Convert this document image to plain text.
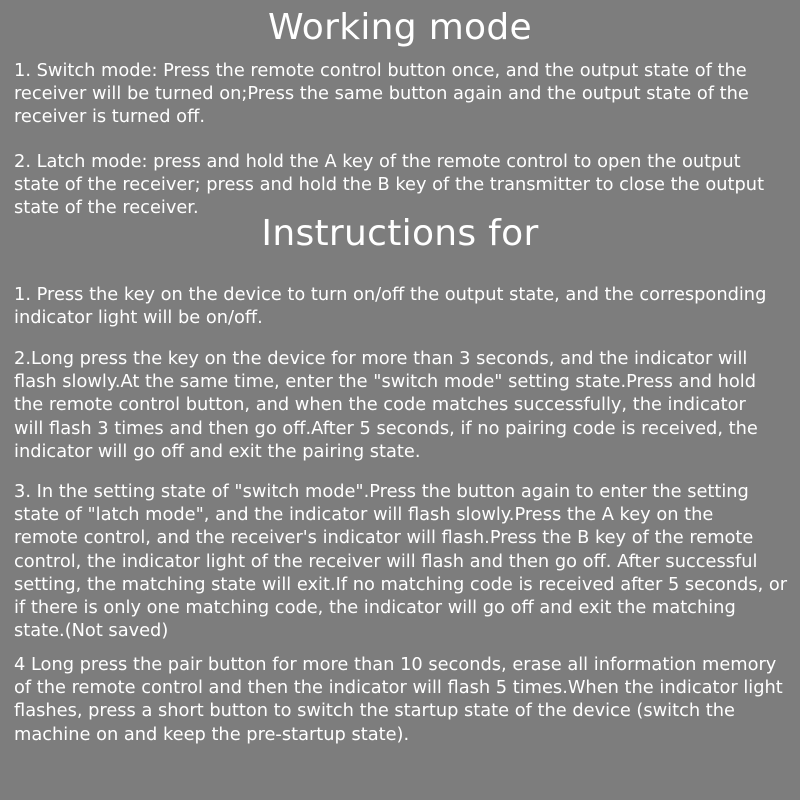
Working mode

1. Switch mode: Press the remote control button once, and the output state of the
receiver will be turned on;Press the same button again and the output state of the
receiver is turned off.

2. Latch mode: press and hold the A key of the remote control to open the output
state of the receiver; press and hold the B key of the transmitter to close the output
state of the receiver.

Instructions for

1. Press the key on the device to turn on/off the output state, and the corresponding
indicator light will be on/off.

2.Long press the key on the device for more than 3 seconds, and the indicator will
flash slowly.At the same time, enter the "switch mode" setting state.Press and hold
the remote control button, and when the code matches successfully, the indicator
will flash 3 times and then go off.After 5 seconds, if no pairing code is received, the
indicator will go off and exit the pairing state.

3. In the setting state of "switch mode".Press the button again to enter the setting
state of "latch mode", and the indicator will flash slowly.Press the A key on the
remote control, and the receiver's indicator will flash.Press the B key of the remote
control, the indicator light of the receiver will flash and then go off. After successful
setting, the matching state will exit.If no matching code is received after 5 seconds, or
if there is only one matching code, the indicator will go off and exit the matching
state.(Not saved)

4 Long press the pair button for more than 10 seconds, erase all information memory
of the remote control and then the indicator will flash 5 times.When the indicator light
flashes, press a short button to switch the startup state of the device (switch the
machine on and keep the pre-startup state).
